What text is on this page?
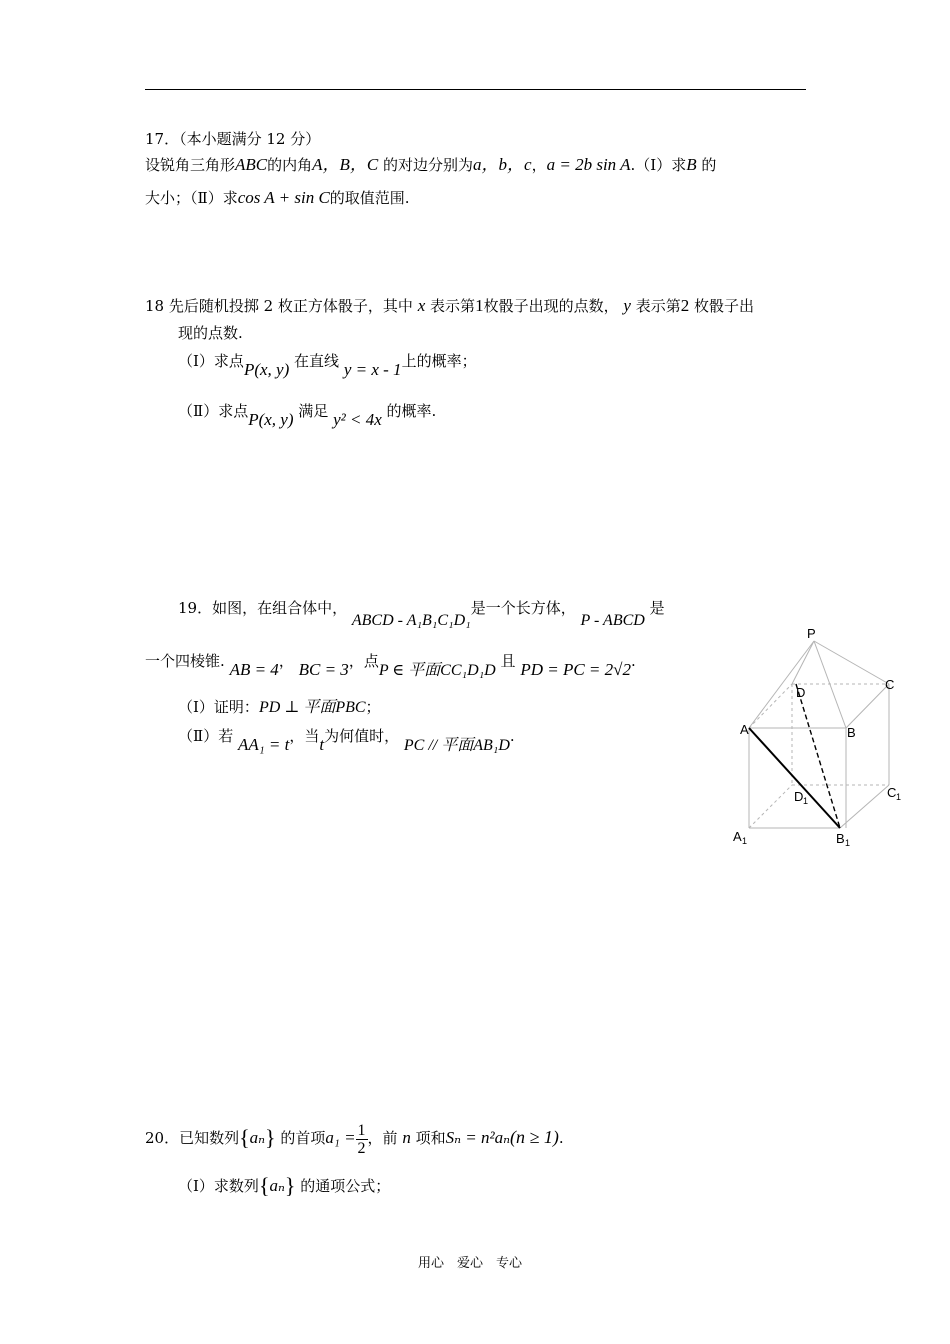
17．（本小题满分 12 分）
设锐角三角形ABC的内角A，B，C 的对边分别为a，b，c，a = 2b sin A.（Ⅰ）求B 的
大小；（Ⅱ）求cos A + sin C的取值范围.
18 先后随机投掷 2 枚正方体骰子，其中 x 表示第1枚骰子出现的点数， y 表示第2 枚骰子出
现的点数.
（Ⅰ）求点P(x, y) 在直线 y = x - 1上的概率；
（Ⅱ）求点P(x, y) 满足 y² < 4x 的概率.
19．如图，在组合体中， ABCD - A₁B₁C₁D₁是一个长方体， P - ABCD 是
一个四棱锥. AB = 4， BC = 3，点P ∈ 平面CC₁D₁D 且 PD = PC = 2√2.
（Ⅰ）证明：PD ⊥ 平面PBC；
（Ⅱ）若 AA₁ = t，当t为何值时， PC // 平面AB₁D.
P
D
C
A	B
D 1
C 1
A 1	B 1
20．已知数列{aₙ} 的首项$a_1 = \frac{1}{2}$ ，前 n 项和Sₙ = n²aₙ(n ≥ 1).
（Ⅰ）求数列{aₙ} 的通项公式；
用心　爱心　专心
